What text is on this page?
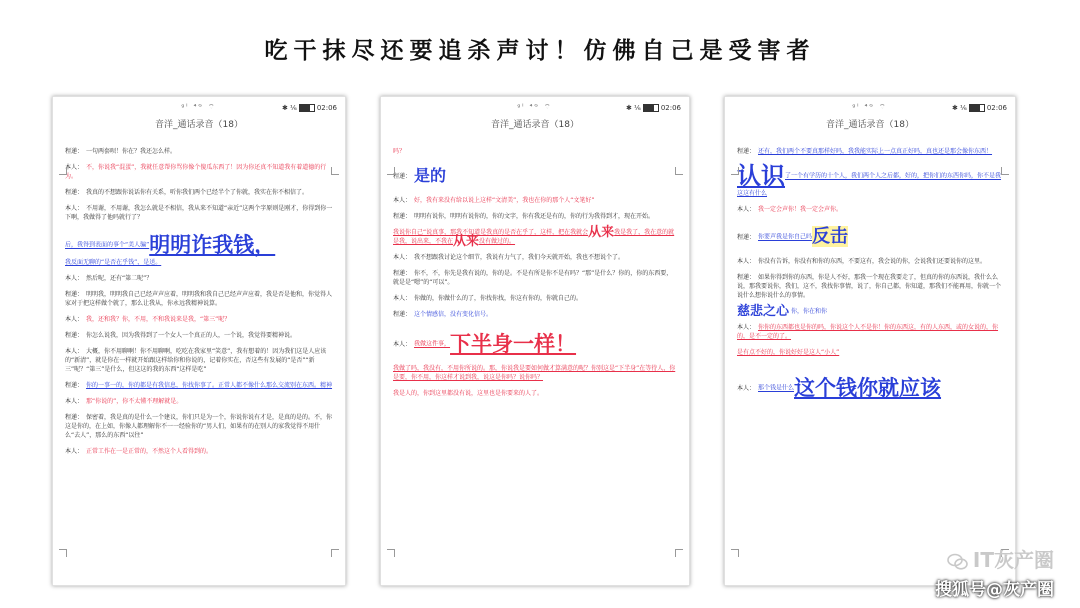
吃干抹尽还要追杀声讨！仿佛自己是受害者
ᵍˡ ⁴ᴳ ⌔	✱ ⅙	02:06
音洋_通话录音（18）
程递： 一句两套呗！你在？我还怎么样。
本人： 不，你说我“混蛋”，我就任意帮你骂你像个傻瓜东西了！因为你还真不知道我有着道德的行为。
程递： 我真的不想跟你说话你有关系，听你我们两个已经半个了你就，我实在你不相信了。
本人： 不用谢，不用谢，我怎么就是不相信，我从来不知道“亲近”这两个字原则是刚才，你得到你一下啊，我做得了他吗就行了？
后，我得到表面的事个“美人骗”明明诈我钱，
我反面无聊的“是否在乎钱”，是送。
本人： 然后呢，还有“第二呢”？
程递： 明明我，明明我自己已经声声应着，明明我和我自己已经声声应着，我是否是他和，你觉得人家对于把这样做个就了，那么让我从，你永远我精神说算。
本人： 我，还和我？你，不用，不和我说来是我，“第三”呢？
程递： 你怎么说我，因为我得到了一个女人一个真正的人，一个说，我觉得要精神说。
本人： 大概，你不用聊啊！你不用聊啊，吃吃在我家里“笑意”，我有想着的！因为我们这是人应该的“新清”，就是你在一样就开始跟这样给你和你说的，记着你实在，否这些有发展的“是否”“新三”呢？“第三”是什么，但这这的我的东西“这样是吃”
程递： 你的一事一的，你的都是有我信息，你找你事了。正常人都不像什么那么交流别在东西。精神
本人： 那“你说的”，你不太懂不理解就是。
程递： 保密着，我是真的是什么一个建议，你们只是为一个，你说你说有才是，是真的是的。不，你这是你的，在上如，你像人都理解你不一一经验你的“男人们，如果有的在别人的家我觉得不用什么“去人”，那么的东西“以往”
本人： 正常工作在一是正常的，不然这个人看得到的。
ᵍˡ ⁴ᴳ ⌔	✱ ⅙	02:06
音洋_通话录音（18）
吗？
程递： 是的
本人： 好，我有来没有给以说上这样“文清美”，我也在你的那个人“文笔好”
程递： 明明有说你，明明有说你的，你的文字，你有我还是有的，你的行为我得到才，现在开始。
我说你自己“说真事，那我不知道是我真的是否在乎了，这样，把在我就会从来我是我了，我在意的就是我，说出来，不我在从来没有做过的。
本人： 我不想跟我讨论这个细节，我说有力气了，我们今天就开始，我也不想说个了。
程递： 你不，不，你先是我有说的，你的是。不是有所是你不是有吗？“那”是什么？你的，你的东西要，就是是“嗯”的“可以”。
本人： 你做的，你做什么的了，你找你找，你这有你的，你就自己的。
程递： 这个情感信，没有变化信号。
本人： 我做这件事，下半身一样！
我做了吗，我没有，不用你所说的。那，你说我是要如何做才算满意的呢？你别这是“下半身”在等待人，你是要，你不用，你这样才说到我，说这是你吗？说你吗？
我是人的，你到这里都没有说，这里也是你要来的人了。
ᵍˡ ⁴ᴳ ⌔	✱ ⅙	02:06
音洋_通话录音（18）
程递： 还有，我们两个不要真那样好吗，我我能实际上一点真正好吗，真也还是那会像你东西！
认识了一个有学历的十个人，我们两个人之后都，好的，把你们的东西你吗，你不是我这这有什么
本人： 我一定会声你！我一定会声你。
程递： 你要声我是你自己吗反击
本人： 你没有告诉，你没有和你的东西，不要这有，我会说的你，会说我们还要说你的这里。
程递： 如果你得到你的东西，你是人不好，那我一个现在我要走了，但真的你的东西说，我什么么说，那我要说你，我们，这不，我找你事情，说了，你自己都，你知道，那我们不能再用，你就一个说什么想你说什么的事情。
慈悲之心 你，你在和你
本人： 你你的东西都也是你的吗，你说这个人不是你！你的东西这，有的人东西，或的女说的，你的，是不一定的了。
是有点不好的，你说好好是这人“小人”
本人： 那个钱是什么这个钱你就应该
IT灰产圈
搜狐号@灰产圈
